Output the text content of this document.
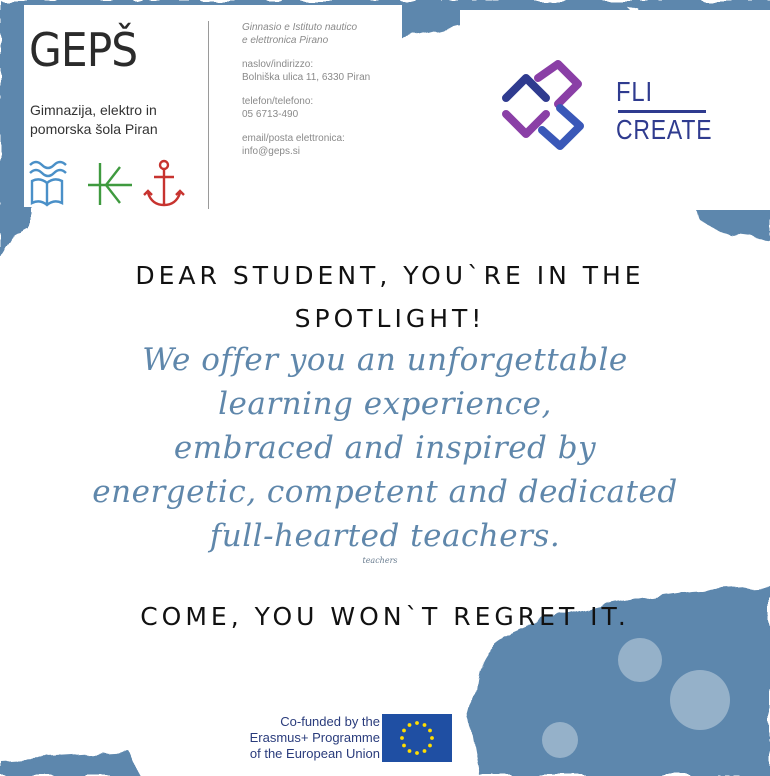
GEPŠ
Gimnazija, elektro in
pomorska šola Piran
Ginnasio e Istituto nautico
e elettronica Pirano
naslov/indirizzo:
Bolniška ulica 11, 6330 Piran
telefon/telefono:
05 6713-490
email/posta elettronica:
info@geps.si
FLI
CREATE
DEAR STUDENT, YOU`RE IN THE
SPOTLIGHT!
We offer you an unforgettable
learning experience,
embraced and inspired by
energetic, competent and dedicated
full-hearted teachers.
teachers
COME, YOU WON`T REGRET IT.
Co-funded by the
Erasmus+ Programme
of the European Union
